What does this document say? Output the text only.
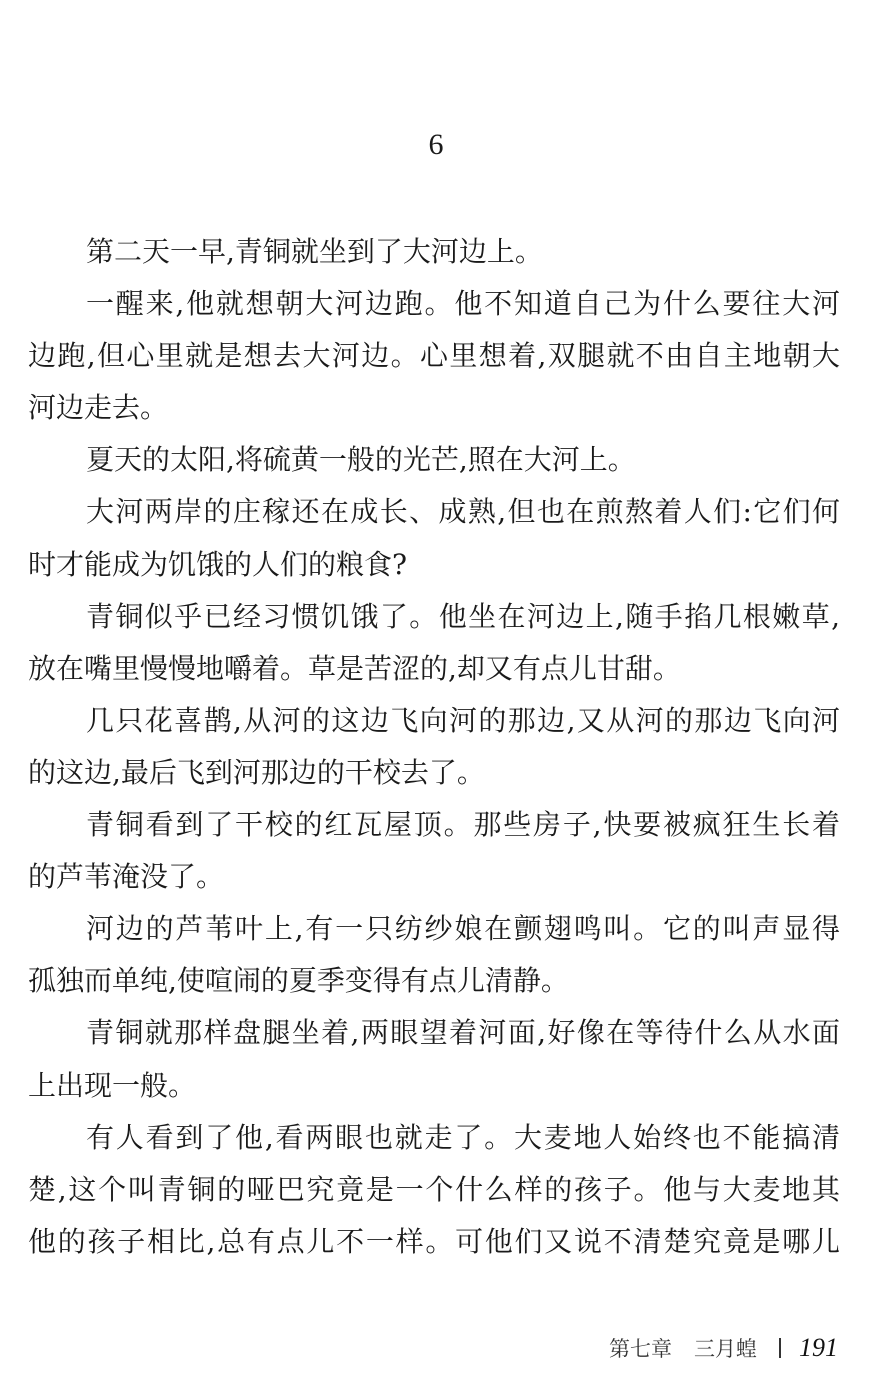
6
第二天一早,青铜就坐到了大河边上。
一醒来,他就想朝大河边跑。他不知道自己为什么要往大河
边跑,但心里就是想去大河边。心里想着,双腿就不由自主地朝大
河边走去。
夏天的太阳,将硫黄一般的光芒,照在大河上。
大河两岸的庄稼还在成长、成熟,但也在煎熬着人们:它们何
时才能成为饥饿的人们的粮食?
青铜似乎已经习惯饥饿了。他坐在河边上,随手掐几根嫩草,
放在嘴里慢慢地嚼着。草是苦涩的,却又有点儿甘甜。
几只花喜鹊,从河的这边飞向河的那边,又从河的那边飞向河
的这边,最后飞到河那边的干校去了。
青铜看到了干校的红瓦屋顶。那些房子,快要被疯狂生长着
的芦苇淹没了。
河边的芦苇叶上,有一只纺纱娘在颤翅鸣叫。它的叫声显得
孤独而单纯,使喧闹的夏季变得有点儿清静。
青铜就那样盘腿坐着,两眼望着河面,好像在等待什么从水面
上出现一般。
有人看到了他,看两眼也就走了。大麦地人始终也不能搞清
楚,这个叫青铜的哑巴究竟是一个什么样的孩子。他与大麦地其
他的孩子相比,总有点儿不一样。可他们又说不清楚究竟是哪儿
第七章 三月蝗 191
